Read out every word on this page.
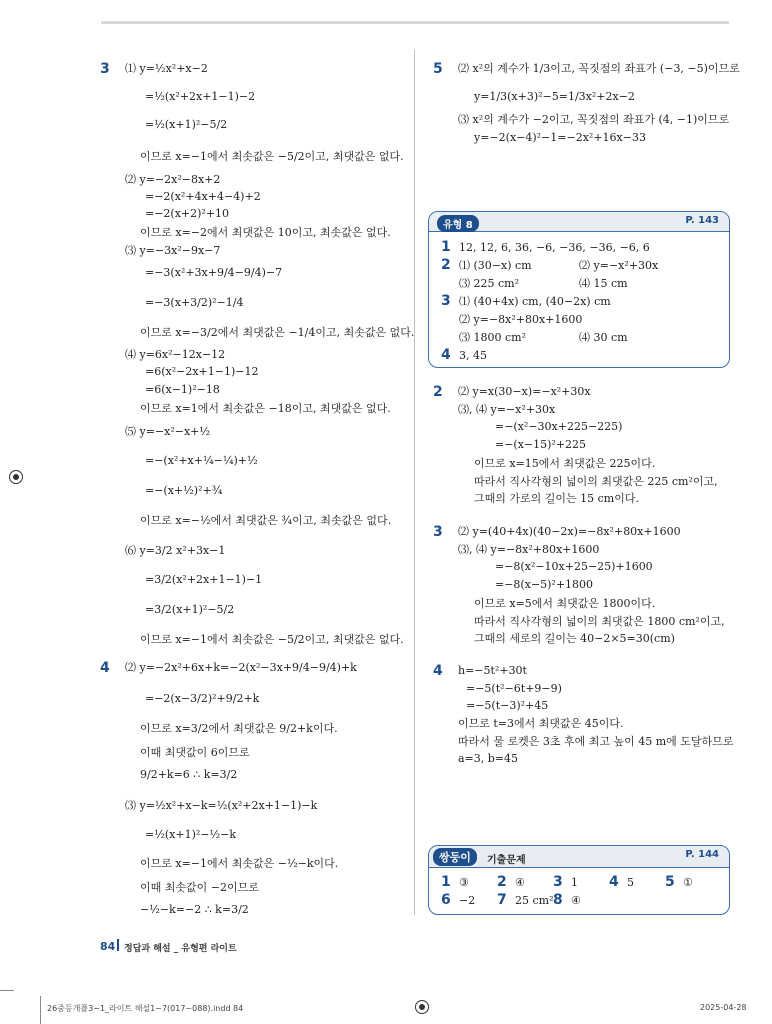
3 ⑴ y=½x²+x−2
=½(x²+2x+1−1)−2
=½(x+1)²−5/2
이므로 x=−1에서 최솟값은 −5/2이고, 최댓값은 없다.
⑵ y=−2x²−8x+2
=−2(x²+4x+4−4)+2
=−2(x+2)²+10
이므로 x=−2에서 최댓값은 10이고, 최솟값은 없다.
⑶ y=−3x²−9x−7
=−3(x²+3x+9/4−9/4)−7
=−3(x+3/2)²−1/4
이므로 x=−3/2에서 최댓값은 −1/4이고, 최솟값은 없다.
⑷ y=6x²−12x−12
=6(x²−2x+1−1)−12
=6(x−1)²−18
이므로 x=1에서 최솟값은 −18이고, 최댓값은 없다.
⑸ y=−x²−x+½
=−(x²+x+¼−¼)+½
=−(x+½)²+¾
이므로 x=−½에서 최댓값은 ¾이고, 최솟값은 없다.
⑹ y=3/2 x²+3x−1
=3/2(x²+2x+1−1)−1
=3/2(x+1)²−5/2
이므로 x=−1에서 최솟값은 −5/2이고, 최댓값은 없다.
4 ⑵ y=−2x²+6x+k=−2(x²−3x+9/4−9/4)+k
=−2(x−3/2)²+9/2+k
이므로 x=3/2에서 최댓값은 9/2+k이다.
이때 최댓값이 6이므로
9/2+k=6 ∴ k=3/2
⑶ y=½x²+x−k=½(x²+2x+1−1)−k
=½(x+1)²−½−k
이므로 x=−1에서 최솟값은 −½−k이다.
이때 최솟값이 −2이므로
−½−k=−2 ∴ k=3/2
5 ⑵ x²의 계수가 1/3이고, 꼭짓점의 좌표가 (−3, −5)이므로
y=1/3(x+3)²−5=1/3x²+2x−2
⑶ x²의 계수가 −2이고, 꼭짓점의 좌표가 (4, −1)이므로
y=−2(x−4)²−1=−2x²+16x−33
유형 8	P. 143
1 12, 12, 6, 36, −6, −36, −36, −6, 6
2 ⑴ (30−x) cm	⑵ y=−x²+30x
⑶ 225 cm²	⑷ 15 cm
3 ⑴ (40+4x) cm, (40−2x) cm
⑵ y=−8x²+80x+1600
⑶ 1800 cm²	⑷ 30 cm
4 3, 45
2 ⑵ y=x(30−x)=−x²+30x
⑶, ⑷ y=−x²+30x
=−(x²−30x+225−225)
=−(x−15)²+225
이므로 x=15에서 최댓값은 225이다.
따라서 직사각형의 넓이의 최댓값은 225 cm²이고,
그때의 가로의 길이는 15 cm이다.
3 ⑵ y=(40+4x)(40−2x)=−8x²+80x+1600
⑶, ⑷ y=−8x²+80x+1600
=−8(x²−10x+25−25)+1600
=−8(x−5)²+1800
이므로 x=5에서 최댓값은 1800이다.
따라서 직사각형의 넓이의 최댓값은 1800 cm²이고,
그때의 세로의 길이는 40−2×5=30(cm)
4 h=−5t²+30t
=−5(t²−6t+9−9)
=−5(t−3)²+45
이므로 t=3에서 최댓값은 45이다.
따라서 물 로켓은 3초 후에 최고 높이 45 m에 도달하므로
a=3, b=45
쌍둥이	기출문제
P. 144
1 ③ 2 ④ 3 1 4 5 5 ①
6 −2 7 25 cm² 8 ④
84 정답과 해설 _ 유형편 라이트
26중등개플3−1_라이트 해설1~7(017~088).indd 84	2025-04-28
